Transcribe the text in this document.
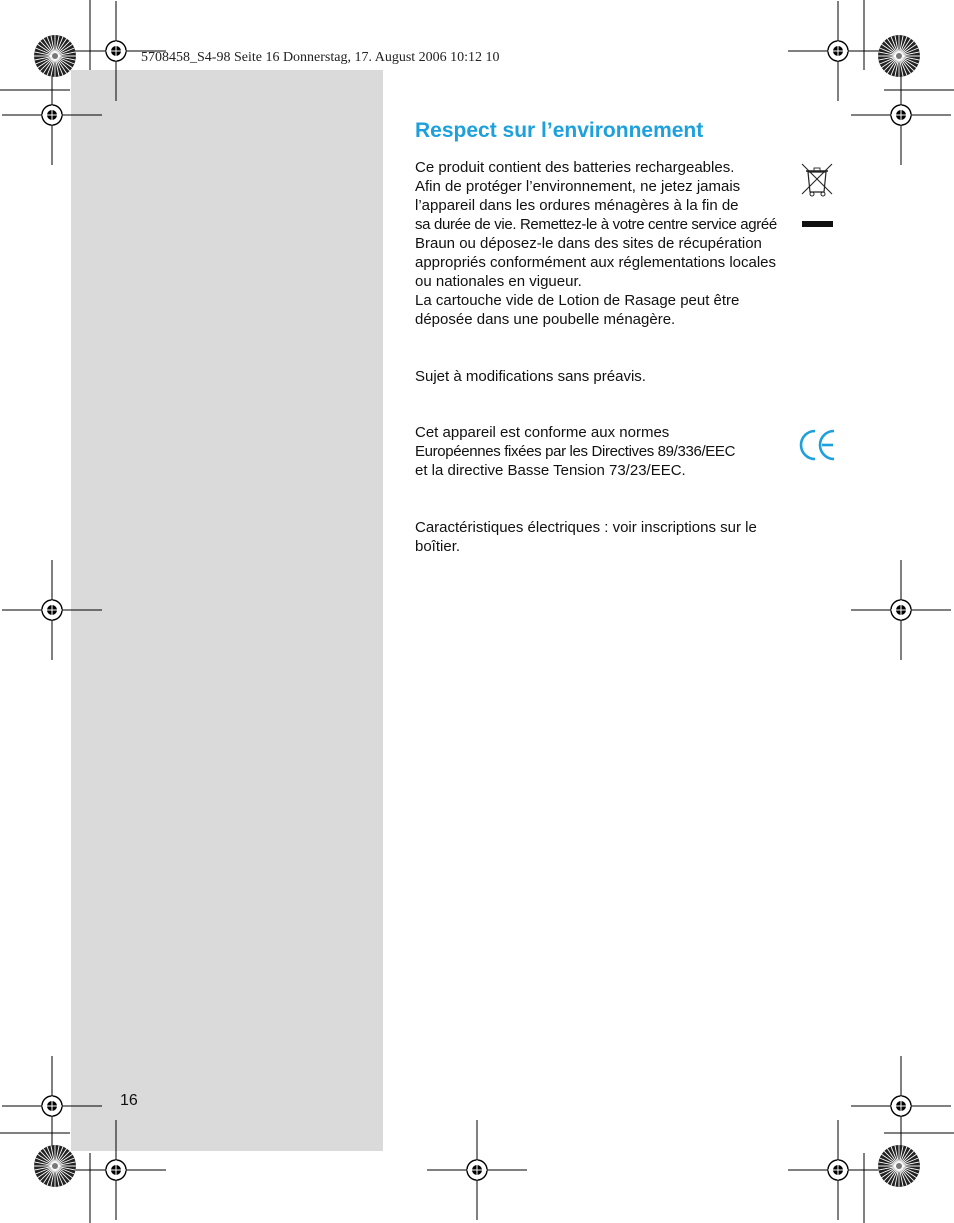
5708458_S4-98 Seite 16 Donnerstag, 17. August 2006 10:12 10
Respect sur l’environnement

Ce produit contient des batteries rechargeables.
Afin de protéger l’environnement, ne jetez jamais
l’appareil dans les ordures ménagères à la fin de
sa durée de vie. Remettez-le à votre centre service agréé
Braun ou déposez-le dans des sites de récupération
appropriés conformément aux réglementations locales
ou nationales en vigueur.
La cartouche vide de Lotion de Rasage peut être
déposée dans une poubelle ménagère.

Sujet à modifications sans préavis.

Cet appareil est conforme aux normes
Européennes fixées par les Directives 89/336/EEC
et la directive Basse Tension 73/23/EEC.

Caractéristiques électriques : voir inscriptions sur le
boîtier.

16
